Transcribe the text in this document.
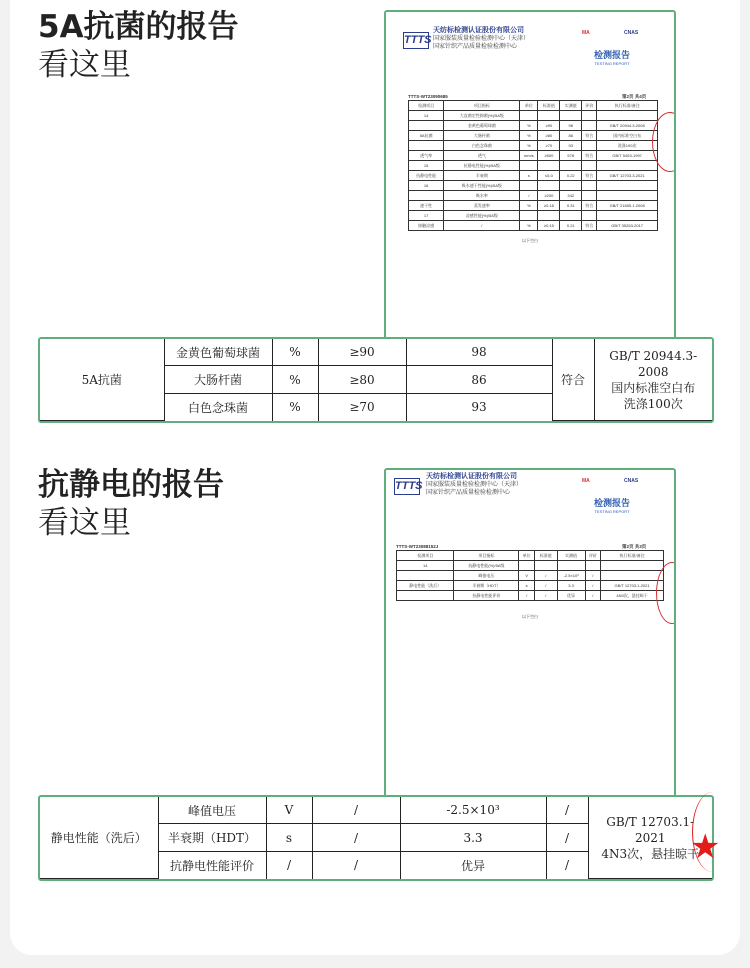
5A抗菌的报告
看这里
TTTS
天纺标检测认证股份有限公司
国家服装质量检验检测中心（天津）
国家针织产品质量检验检测中心
MA	CNAS
检测报告
TESTING REPORT
TTTS-WT23090685	第2页 共4页
检测项目	项目指标	单位	标准值	实测值	评价	执行标准/备注
14	大直菌定性抑菌(%)/5A级					
	金黄色葡萄球菌	%	≥90	98		GB/T 20944.3-2008
5A抗菌	大肠杆菌	%	≥80	86	符合	国内标准空白布
	白色念珠菌	%	≥70	93		洗涤100次
透气率	透气	mm/s	≥500	578	符合	GB/T 5453-1997
15	抗静电性能(%)/5A级					
抗静电性能	半衰期	s	≤5.0	0.22	符合	GB/T 12703.3-2021
16	吸水速干性能(%)/5A级					
	吸水率	/	≥200	342		
速干性	蒸发速率	%	≥0.18	0.31	符合	GB/T 21655.1-2008
17	凉感性能(%)/5A级					
接触凉感	/	%	≥0.15	0.21	符合	GB/T 35263-2017
以下空白
5A抗菌	金黄色葡萄球菌	%	≥90	98	符合	GB/T 20944.3-2008
国内标准空白布
洗涤100次
	大肠杆菌	%	≥80	86		
	白色念珠菌	%	≥70	93		
抗静电的报告
看这里
TTTS
天纺标检测认证股份有限公司
国家服装质量检验检测中心（天津）
国家针织产品质量检验检测中心
MA	CNAS
检测报告
TESTING REPORT
TTTS-WT23088152J	第2页 共3页
检测项目	项目指标	单位	标准值	实测值	评价	执行标准/备注
14	抗静电性能(%)/5A级					
	峰值电压	V	/	-2.5×10³	/	
静电性能（洗后）	半衰期（HDT）	s	/	3.3	/	GB/T 12703.1-2021
	抗静电性能评价	/	/	优异	/	4N3次，悬挂晾干
以下空白
静电性能（洗后）	峰值电压	V	/	-2.5×10³	/	GB/T 12703.1-2021
4N3次，悬挂晾干
	半衰期（HDT）	s	/	3.3	/	
	抗静电性能评价	/	/	优异	/		★
